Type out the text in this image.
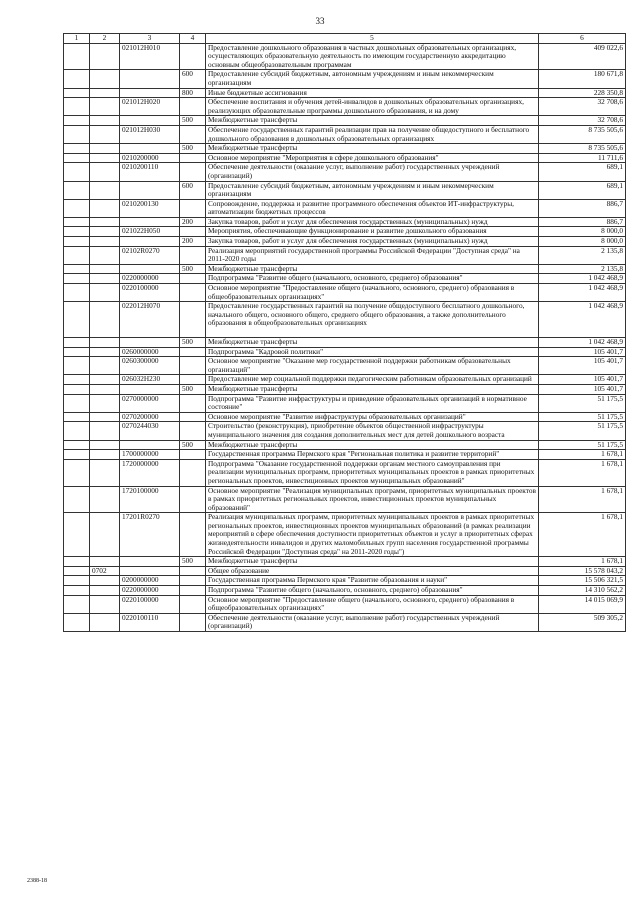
33
1	2	3	4	5	6
		021012Н010		Предоставление дошкольного образования в частных дошкольных образовательных организациях, осуществляющих образовательную деятельность по имеющим государственную аккредитацию основным общеобразовательным программам	409 022,6
			600	Предоставление субсидий бюджетным, автономным учреждениям и иным некоммерческим организациям	180 671,8
			800	Иные бюджетные ассигнования	228 350,8
		021012Н020		Обеспечение воспитания и обучения детей-инвалидов в дошкольных образовательных организациях, реализующих образовательные программы дошкольного образования, и на дому	32 708,6
			500	Межбюджетные трансферты	32 708,6
		021012Н030		Обеспечение государственных гарантий реализации прав на получение общедоступного и бесплатного дошкольного образования в дошкольных образовательных организациях	8 735 505,6
			500	Межбюджетные трансферты	8 735 505,6
		0210200000		Основное мероприятие "Мероприятия в сфере дошкольного образования"	11 711,6
		0210200110		Обеспечение деятельности (оказание услуг, выполнение работ) государственных учреждений (организаций)	689,1
			600	Предоставление субсидий бюджетным, автономным учреждениям и иным некоммерческим организациям	689,1
		0210200130		Сопровождение, поддержка и развитие программного обеспечения объектов ИТ-инфраструктуры, автоматизации бюджетных процессов	886,7
			200	Закупка товаров, работ и услуг для обеспечения государственных (муниципальных) нужд	886,7
		021022Н050		Мероприятия, обеспечивающие функционирование и развитие дошкольного образования	8 000,0
			200	Закупка товаров, работ и услуг для обеспечения государственных (муниципальных) нужд	8 000,0
		02102R0270		Реализация мероприятий государственной программы Российской Федерации "Доступная среда" на 2011-2020 годы	2 135,8
			500	Межбюджетные трансферты	2 135,8
		0220000000		Подпрограмма "Развитие общего (начального, основного, среднего) образования"	1 042 468,9
		0220100000		Основное мероприятие "Предоставление общего (начального, основного, среднего) образования в общеобразовательных организациях"	1 042 468,9
		022012Н070		Предоставление государственных гарантий на получение общедоступного бесплатного дошкольного, начального общего, основного общего, среднего общего образования, а также дополнительного образования в общеобразовательных организациях	1 042 468,9
			500	Межбюджетные трансферты	1 042 468,9
		0260000000		Подпрограмма "Кадровой политики"	105 401,7
		0260300000		Основное мероприятие "Оказание мер государственной поддержки работникам образовательных организаций"	105 401,7
		026032Н230		Предоставление мер социальной поддержки педагогическим работникам образовательных организаций	105 401,7
			500	Межбюджетные трансферты	105 401,7
		0270000000		Подпрограмма "Развитие инфраструктуры и приведение образовательных организаций в нормативное состояние"	51 175,5
		0270200000		Основное мероприятие "Развитие инфраструктуры образовательных организаций"	51 175,5
		0270244030		Строительство (реконструкция), приобретение объектов общественной инфраструктуры муниципального значения для создания дополнительных мест для детей дошкольного возраста	51 175,5
			500	Межбюджетные трансферты	51 175,5
		1700000000		Государственная программа Пермского края "Региональная политика и развитие территорий"	1 678,1
		1720000000		Подпрограмма "Оказание государственной поддержки органам местного самоуправления при реализации муниципальных программ, приоритетных муниципальных проектов в рамках приоритетных региональных проектов, инвестиционных проектов муниципальных образований"	1 678,1
		1720100000		Основное мероприятие "Реализация муниципальных программ, приоритетных муниципальных проектов в рамках приоритетных региональных проектов, инвестиционных проектов муниципальных образований"	1 678,1
		17201R0270		Реализация муниципальных программ, приоритетных муниципальных проектов в рамках приоритетных региональных проектов, инвестиционных проектов муниципальных образований (в рамках реализации мероприятий в сфере обеспечения доступности приоритетных объектов и услуг в приоритетных сферах жизнедеятельности инвалидов и других маломобильных групп населения государственной программы Российской Федерации "Доступная среда" на 2011-2020 годы")	1 678,1
			500	Межбюджетные трансферты	1 678,1
	0702			Общее образование	15 578 043,2
		0200000000		Государственная программа Пермского края "Развитие образования и науки"	15 506 321,5
		0220000000		Подпрограмма "Развитие общего (начального, основного, среднего) образования"	14 310 562,2
		0220100000		Основное мероприятие "Предоставление общего (начального, основного, среднего) образования в общеобразовательных организациях"	14 015 069,9
		0220100110		Обеспечение деятельности (оказание услуг, выполнение работ) государственных учреждений (организаций)	509 305,2
2388-18
